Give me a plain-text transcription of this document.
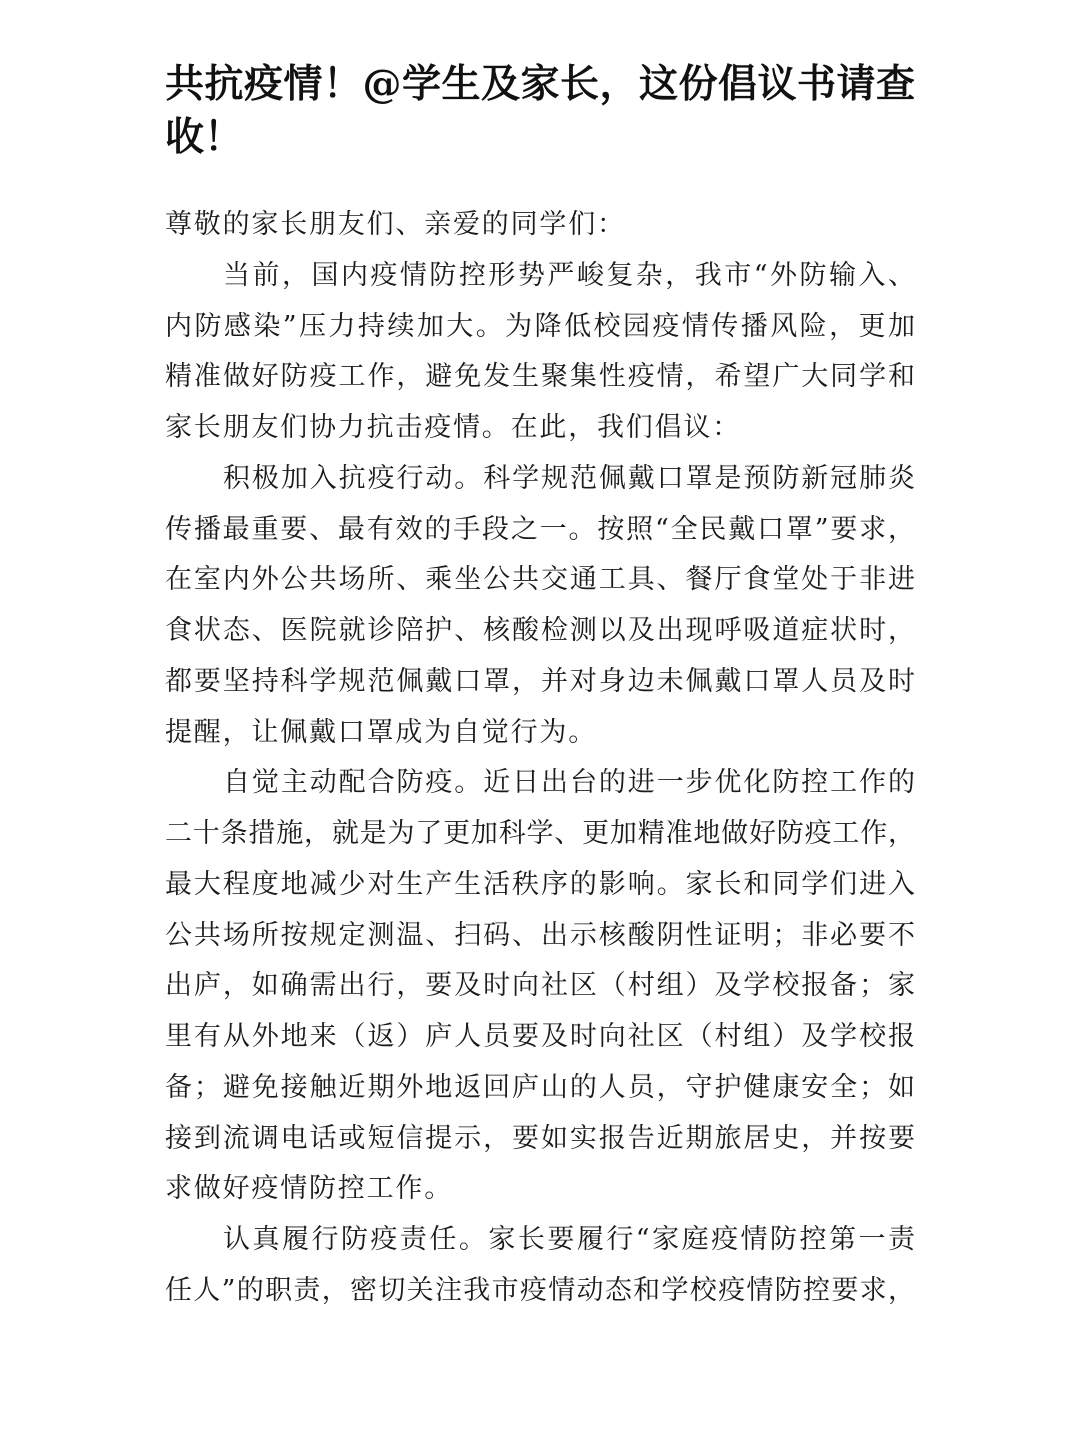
共抗疫情！@学生及家长，这份倡议书请查
收！
尊敬的家长朋友们、亲爱的同学们：
当前，国内疫情防控形势严峻复杂，我市“外防输入、
内防感染”压力持续加大。为降低校园疫情传播风险，更加
精准做好防疫工作，避免发生聚集性疫情，希望广大同学和
家长朋友们协力抗击疫情。在此，我们倡议：
积极加入抗疫行动。科学规范佩戴口罩是预防新冠肺炎
传播最重要、最有效的手段之一。按照“全民戴口罩”要求，
在室内外公共场所、乘坐公共交通工具、餐厅食堂处于非进
食状态、医院就诊陪护、核酸检测以及出现呼吸道症状时，
都要坚持科学规范佩戴口罩，并对身边未佩戴口罩人员及时
提醒，让佩戴口罩成为自觉行为。
自觉主动配合防疫。近日出台的进一步优化防控工作的
二十条措施，就是为了更加科学、更加精准地做好防疫工作，
最大程度地减少对生产生活秩序的影响。家长和同学们进入
公共场所按规定测温、扫码、出示核酸阴性证明；非必要不
出庐，如确需出行，要及时向社区（村组）及学校报备；家
里有从外地来（返）庐人员要及时向社区（村组）及学校报
备；避免接触近期外地返回庐山的人员，守护健康安全；如
接到流调电话或短信提示，要如实报告近期旅居史，并按要
求做好疫情防控工作。
认真履行防疫责任。家长要履行“家庭疫情防控第一责
任人”的职责，密切关注我市疫情动态和学校疫情防控要求，
